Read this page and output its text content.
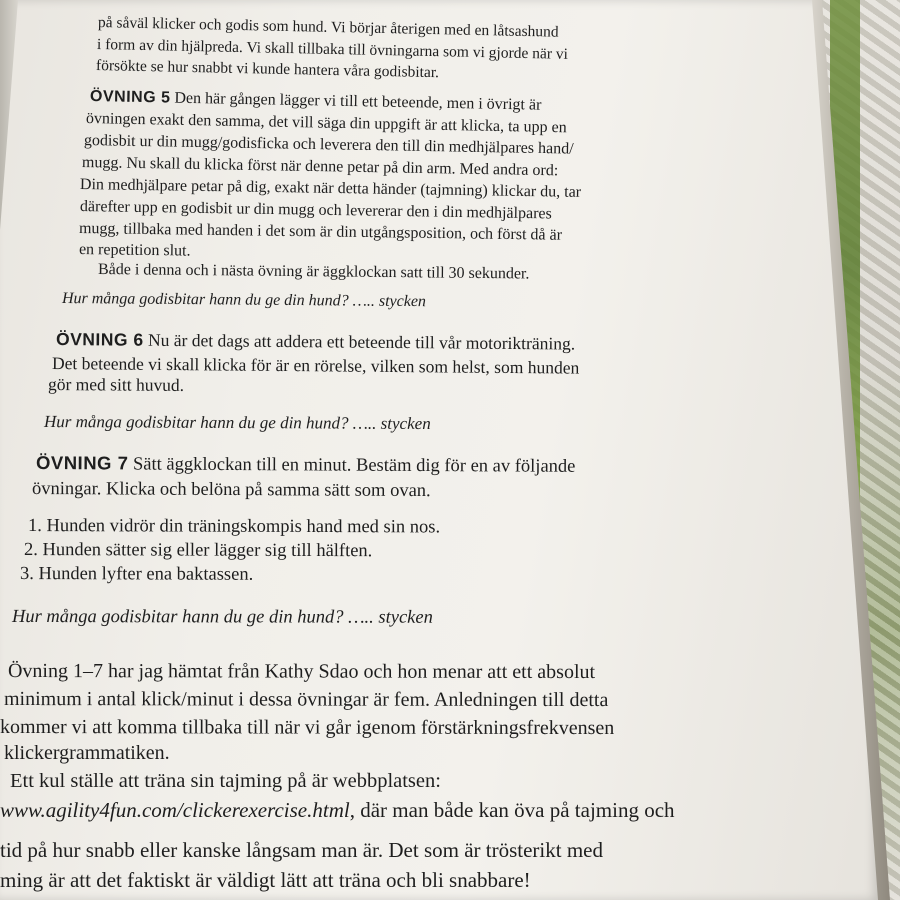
på såväl klicker och godis som hund. Vi börjar återigen med en låtsashund
i form av din hjälpreda. Vi skall tillbaka till övningarna som vi gjorde när vi
försökte se hur snabbt vi kunde hantera våra godisbitar.
ÖVNING 5 Den här gången lägger vi till ett beteende, men i övrigt är
övningen exakt den samma, det vill säga din uppgift är att klicka, ta upp en
godisbit ur din mugg/godisficka och leverera den till din medhjälpares hand/
mugg. Nu skall du klicka först när denne petar på din arm. Med andra ord:
Din medhjälpare petar på dig, exakt när detta händer (tajmning) klickar du, tar
därefter upp en godisbit ur din mugg och levererar den i din medhjälpares
mugg, tillbaka med handen i det som är din utgångsposition, och först då är
en repetition slut.
Både i denna och i nästa övning är äggklockan satt till 30 sekunder.
Hur många godisbitar hann du ge din hund? ….. stycken
ÖVNING 6 Nu är det dags att addera ett beteende till vår motorikträning.
Det beteende vi skall klicka för är en rörelse, vilken som helst, som hunden
gör med sitt huvud.
Hur många godisbitar hann du ge din hund? ….. stycken
ÖVNING 7 Sätt äggklockan till en minut. Bestäm dig för en av följande
övningar. Klicka och belöna på samma sätt som ovan.
1. Hunden vidrör din träningskompis hand med sin nos.
2. Hunden sätter sig eller lägger sig till hälften.
3. Hunden lyfter ena baktassen.
Hur många godisbitar hann du ge din hund? ….. stycken
Övning 1–7 har jag hämtat från Kathy Sdao och hon menar att ett absolut
minimum i antal klick/minut i dessa övningar är fem. Anledningen till detta
kommer vi att komma tillbaka till när vi går igenom förstärkningsfrekvensen
klickergrammatiken.
Ett kul ställe att träna sin tajming på är webbplatsen:
www.agility4fun.com/clickerexercise.html, där man både kan öva på tajming och
tid på hur snabb eller kanske långsam man är. Det som är trösterikt med
ming är att det faktiskt är väldigt lätt att träna och bli snabbare!
